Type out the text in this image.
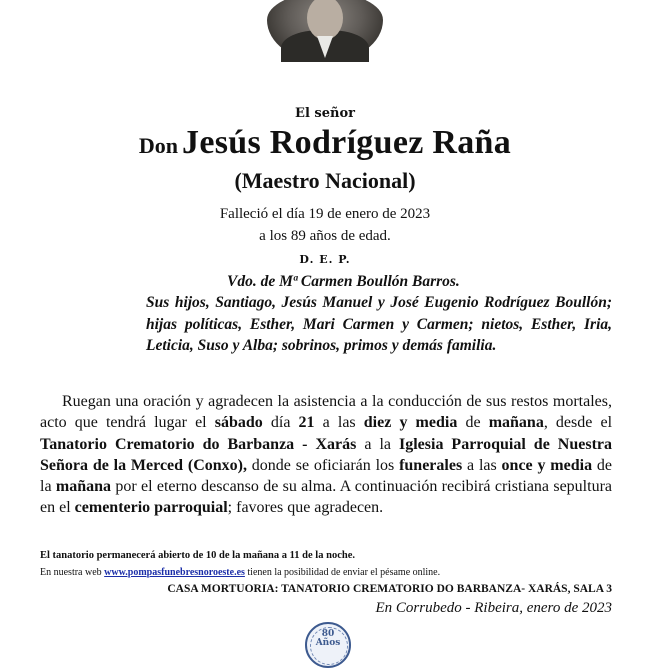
El señor
Don Jesús Rodríguez Raña
(Maestro Nacional)
Falleció el día 19 de enero de 2023
a los 89 años de edad.
D. E. P.
Vdo. de Mª Carmen Boullón Barros.
Sus hijos, Santiago, Jesús Manuel y José Eugenio Rodríguez Boullón; hijas políticas, Esther, Mari Carmen y Carmen; nietos, Esther, Iria, Leticia, Suso y Alba; sobrinos, primos y demás familia.
Ruegan una oración y agradecen la asistencia a la conducción de sus restos mortales, acto que tendrá lugar el sábado día 21 a las diez y media de mañana, desde el Tanatorio Crematorio do Barbanza - Xarás a la Iglesia Parroquial de Nuestra Señora de la Merced (Conxo), donde se oficiarán los funerales a las once y media de la mañana por el eterno descanso de su alma. A continuación recibirá cristiana sepultura en el cementerio parroquial; favores que agradecen.
El tanatorio permanecerá abierto de 10 de la mañana a 11 de la noche.
En nuestra web www.pompasfunebresnoroeste.es tienen la posibilidad de enviar el pésame online.
CASA MORTUORIA: TANATORIO CREMATORIO DO BARBANZA- XARÁS, SALA 3
En Corrubedo - Ribeira, enero de 2023
80
Años
